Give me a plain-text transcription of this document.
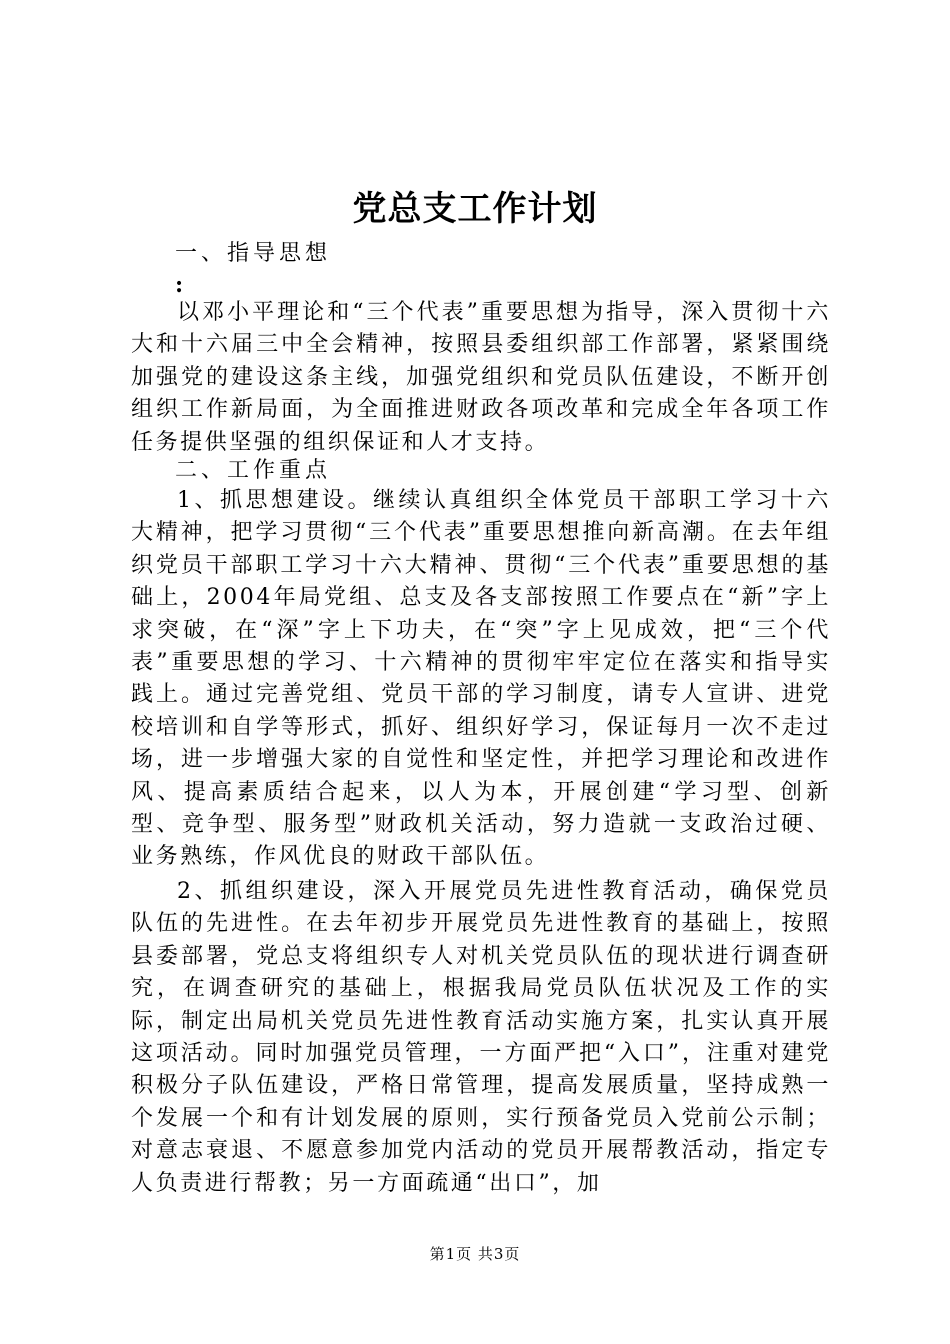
党总支工作计划
一、指导思想
:

以邓小平理论和“三个代表”重要思想为指导，深入贯彻十六大和十六届三中全会精神，按照县委组织部工作部署，紧紧围绕加强党的建设这条主线，加强党组织和党员队伍建设，不断开创组织工作新局面，为全面推进财政各项改革和完成全年各项工作任务提供坚强的组织保证和人才支持。

二、工作重点

1、抓思想建设。继续认真组织全体党员干部职工学习十六大精神，把学习贯彻“三个代表”重要思想推向新高潮。在去年组织党员干部职工学习十六大精神、贯彻“三个代表”重要思想的基础上，2004年局党组、总支及各支部按照工作要点在“新”字上求突破，在“深”字上下功夫，在“突”字上见成效，把“三个代表”重要思想的学习、十六精神的贯彻牢牢定位在落实和指导实践上。通过完善党组、党员干部的学习制度，请专人宣讲、进党校培训和自学等形式，抓好、组织好学习，保证每月一次不走过场，进一步增强大家的自觉性和坚定性，并把学习理论和改进作风、提高素质结合起来，以人为本，开展创建“学习型、创新型、竞争型、服务型”财政机关活动，努力造就一支政治过硬、业务熟练，作风优良的财政干部队伍。

2、抓组织建设，深入开展党员先进性教育活动，确保党员队伍的先进性。在去年初步开展党员先进性教育的基础上，按照县委部署，党总支将组织专人对机关党员队伍的现状进行调查研究，在调查研究的基础上，根据我局党员队伍状况及工作的实际，制定出局机关党员先进性教育活动实施方案，扎实认真开展这项活动。同时加强党员管理，一方面严把“入口”，注重对建党积极分子队伍建设，严格日常管理，提高发展质量，坚持成熟一个发展一个和有计划发展的原则，实行预备党员入党前公示制；对意志衰退、不愿意参加党内活动的党员开展帮教活动，指定专人负责进行帮教；另一方面疏通“出口”，加

第1页 共3页
